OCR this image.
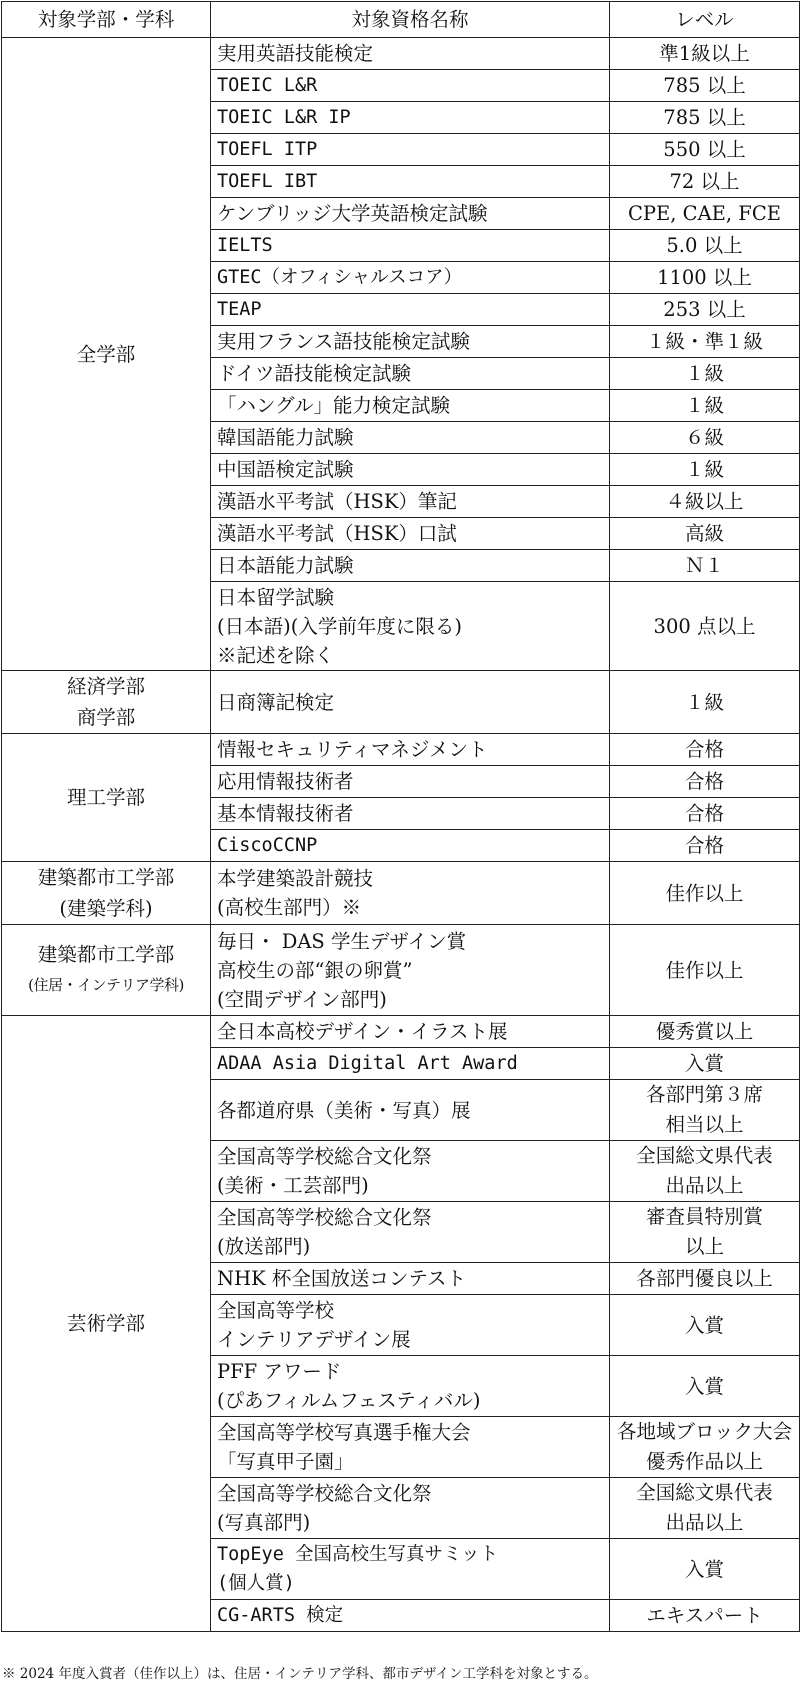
対象学部・学科	対象資格名称	レベル

全学部	実用英語技能検定	準1級以上

	TOEIC L&R	785 以上

	TOEIC L&R IP	785 以上

	TOEFL ITP	550 以上

	TOEFL IBT	72 以上

	ケンブリッジ大学英語検定試験	CPE, CAE, FCE

	IELTS	5.0 以上

	GTEC（オフィシャルスコア）	1100 以上

	TEAP	253 以上

	実用フランス語技能検定試験	１級・準１級

	ドイツ語技能検定試験	１級

	「ハングル」能力検定試験	１級

	韓国語能力試験	６級

	中国語検定試験	１級

	漢語水平考試（HSK）筆記	４級以上

	漢語水平考試（HSK）口試	高級

	日本語能力試験	Ｎ１

	日本留学試験
(日本語)(入学前年度に限る)
※記述を除く	300 点以上

経済学部
商学部	日商簿記検定	１級

理工学部	情報セキュリティマネジメント	合格

	応用情報技術者	合格

	基本情報技術者	合格

	CiscoCCNP	合格

建築都市工学部
(建築学科)	本学建築設計競技
(高校生部門）※	佳作以上

建築都市工学部
(住居・インテリア学科)	毎日・ DAS 学生デザイン賞
高校生の部“銀の卵賞”
(空間デザイン部門)	佳作以上

芸術学部	全日本高校デザイン・イラスト展	優秀賞以上

	ADAA Asia Digital Art Award	入賞

	各都道府県（美術・写真）展	各部門第３席
相当以上

	全国高等学校総合文化祭
(美術・工芸部門)	全国総文県代表
出品以上

	全国高等学校総合文化祭
(放送部門)	審査員特別賞
以上

	NHK 杯全国放送コンテスト	各部門優良以上

	全国高等学校
インテリアデザイン展	入賞

	PFF アワード
(ぴあフィルムフェスティバル)	入賞

	全国高等学校写真選手権大会
「写真甲子園」	各地域ブロック大会
優秀作品以上

	全国高等学校総合文化祭
(写真部門)	全国総文県代表
出品以上

	TopEye 全国高校生写真サミット
(個人賞)	入賞

	CG-ARTS 検定	エキスパート
※ 2024 年度入賞者（佳作以上）は、住居・インテリア学科、都市デザイン工学科を対象とする。
